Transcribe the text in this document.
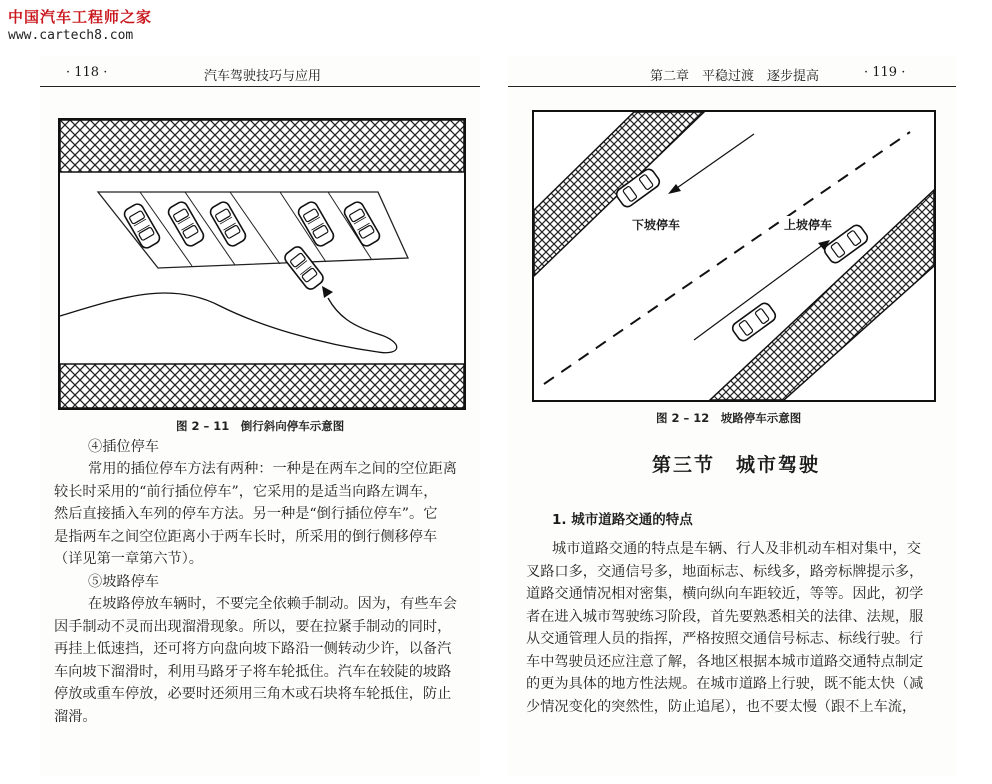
中国汽车工程师之家
www.cartech8.com
· 118 ·	汽车驾驶技巧与应用
图 2 – 11　倒行斜向停车示意图
④插位停车
常用的插位停车方法有两种：一种是在两车之间的空位距离
较长时采用的“前行插位停车”，它采用的是适当向路左调车，
然后直接插入车列的停车方法。另一种是“倒行插位停车”。它
是指两车之间空位距离小于两车长时，所采用的倒行侧移停车
（详见第一章第六节）。
⑤坡路停车
在坡路停放车辆时，不要完全依赖手制动。因为，有些车会
因手制动不灵而出现溜滑现象。所以，要在拉紧手制动的同时，
再挂上低速挡，还可将方向盘向坡下路沿一侧转动少许，以备汽
车向坡下溜滑时，利用马路牙子将车轮抵住。汽车在较陡的坡路
停放或重车停放，必要时还须用三角木或石块将车轮抵住，防止
溜滑。
第二章　平稳过渡　逐步提高	· 119 ·
下坡停车	上坡停车
图 2 – 12　坡路停车示意图
第三节　城市驾驶
1. 城市道路交通的特点
城市道路交通的特点是车辆、行人及非机动车相对集中，交
叉路口多，交通信号多，地面标志、标线多，路旁标牌提示多，
道路交通情况相对密集，横向纵向车距较近，等等。因此，初学
者在进入城市驾驶练习阶段，首先要熟悉相关的法律、法规，服
从交通管理人员的指挥，严格按照交通信号标志、标线行驶。行
车中驾驶员还应注意了解，各地区根据本城市道路交通特点制定
的更为具体的地方性法规。在城市道路上行驶，既不能太快（减
少情况变化的突然性，防止追尾），也不要太慢（跟不上车流，
